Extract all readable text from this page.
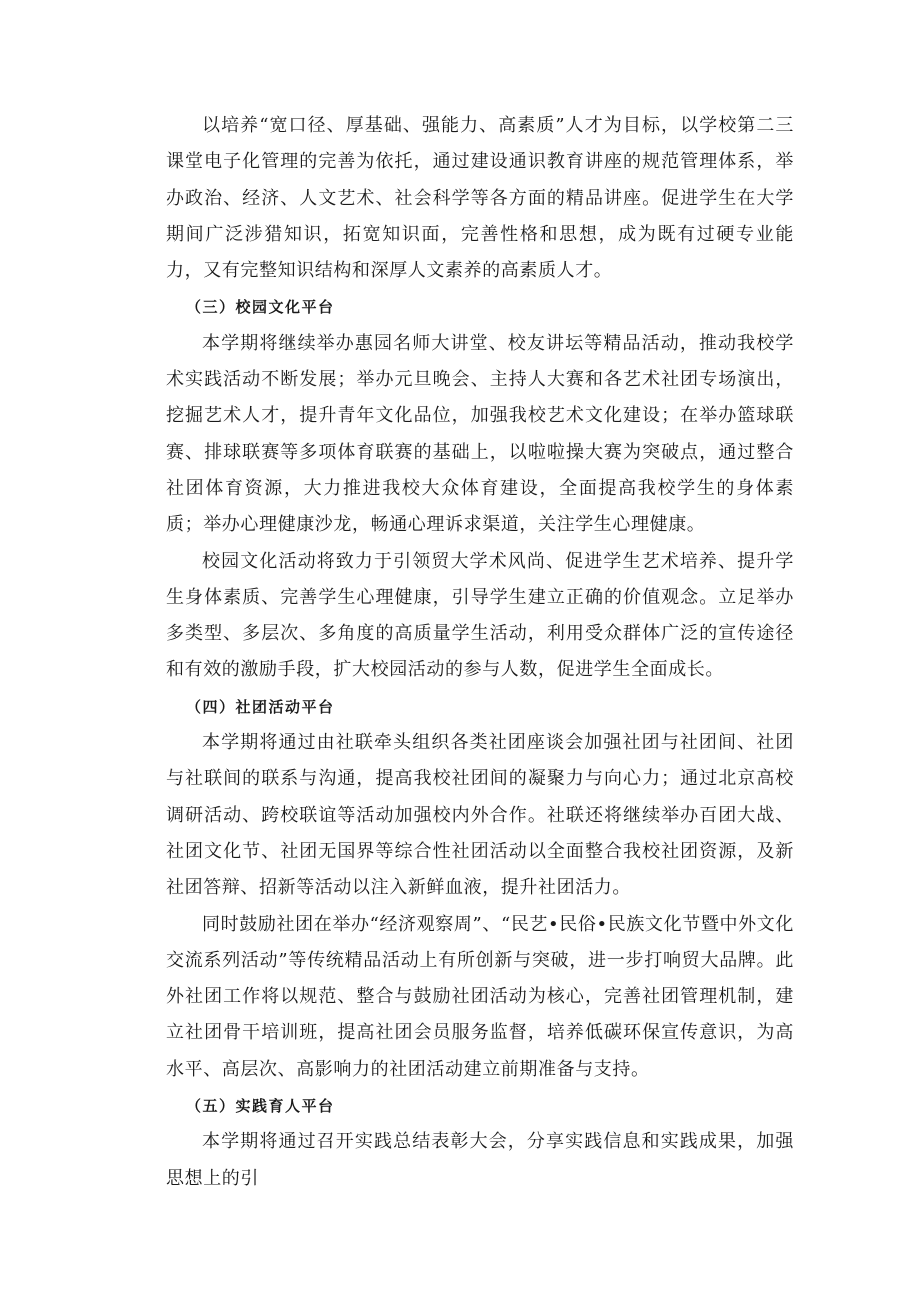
以培养“宽口径、厚基础、强能力、高素质”人才为目标，以学校第二三课堂电子化管理的完善为依托，通过建设通识教育讲座的规范管理体系，举办政治、经济、人文艺术、社会科学等各方面的精品讲座。促进学生在大学期间广泛涉猎知识，拓宽知识面，完善性格和思想，成为既有过硬专业能力，又有完整知识结构和深厚人文素养的高素质人才。

（三）校园文化平台

本学期将继续举办惠园名师大讲堂、校友讲坛等精品活动，推动我校学术实践活动不断发展；举办元旦晚会、主持人大赛和各艺术社团专场演出，挖掘艺术人才，提升青年文化品位，加强我校艺术文化建设；在举办篮球联赛、排球联赛等多项体育联赛的基础上，以啦啦操大赛为突破点，通过整合社团体育资源，大力推进我校大众体育建设，全面提高我校学生的身体素质；举办心理健康沙龙，畅通心理诉求渠道，关注学生心理健康。

校园文化活动将致力于引领贸大学术风尚、促进学生艺术培养、提升学生身体素质、完善学生心理健康，引导学生建立正确的价值观念。立足举办多类型、多层次、多角度的高质量学生活动，利用受众群体广泛的宣传途径和有效的激励手段，扩大校园活动的参与人数，促进学生全面成长。

（四）社团活动平台

本学期将通过由社联牵头组织各类社团座谈会加强社团与社团间、社团与社联间的联系与沟通，提高我校社团间的凝聚力与向心力；通过北京高校调研活动、跨校联谊等活动加强校内外合作。社联还将继续举办百团大战、社团文化节、社团无国界等综合性社团活动以全面整合我校社团资源，及新社团答辩、招新等活动以注入新鲜血液，提升社团活力。

同时鼓励社团在举办“经济观察周”、“民艺•民俗•民族文化节暨中外文化交流系列活动”等传统精品活动上有所创新与突破，进一步打响贸大品牌。此外社团工作将以规范、整合与鼓励社团活动为核心，完善社团管理机制，建立社团骨干培训班，提高社团会员服务监督，培养低碳环保宣传意识，为高水平、高层次、高影响力的社团活动建立前期准备与支持。

（五）实践育人平台

本学期将通过召开实践总结表彰大会，分享实践信息和实践成果，加强思想上的引
